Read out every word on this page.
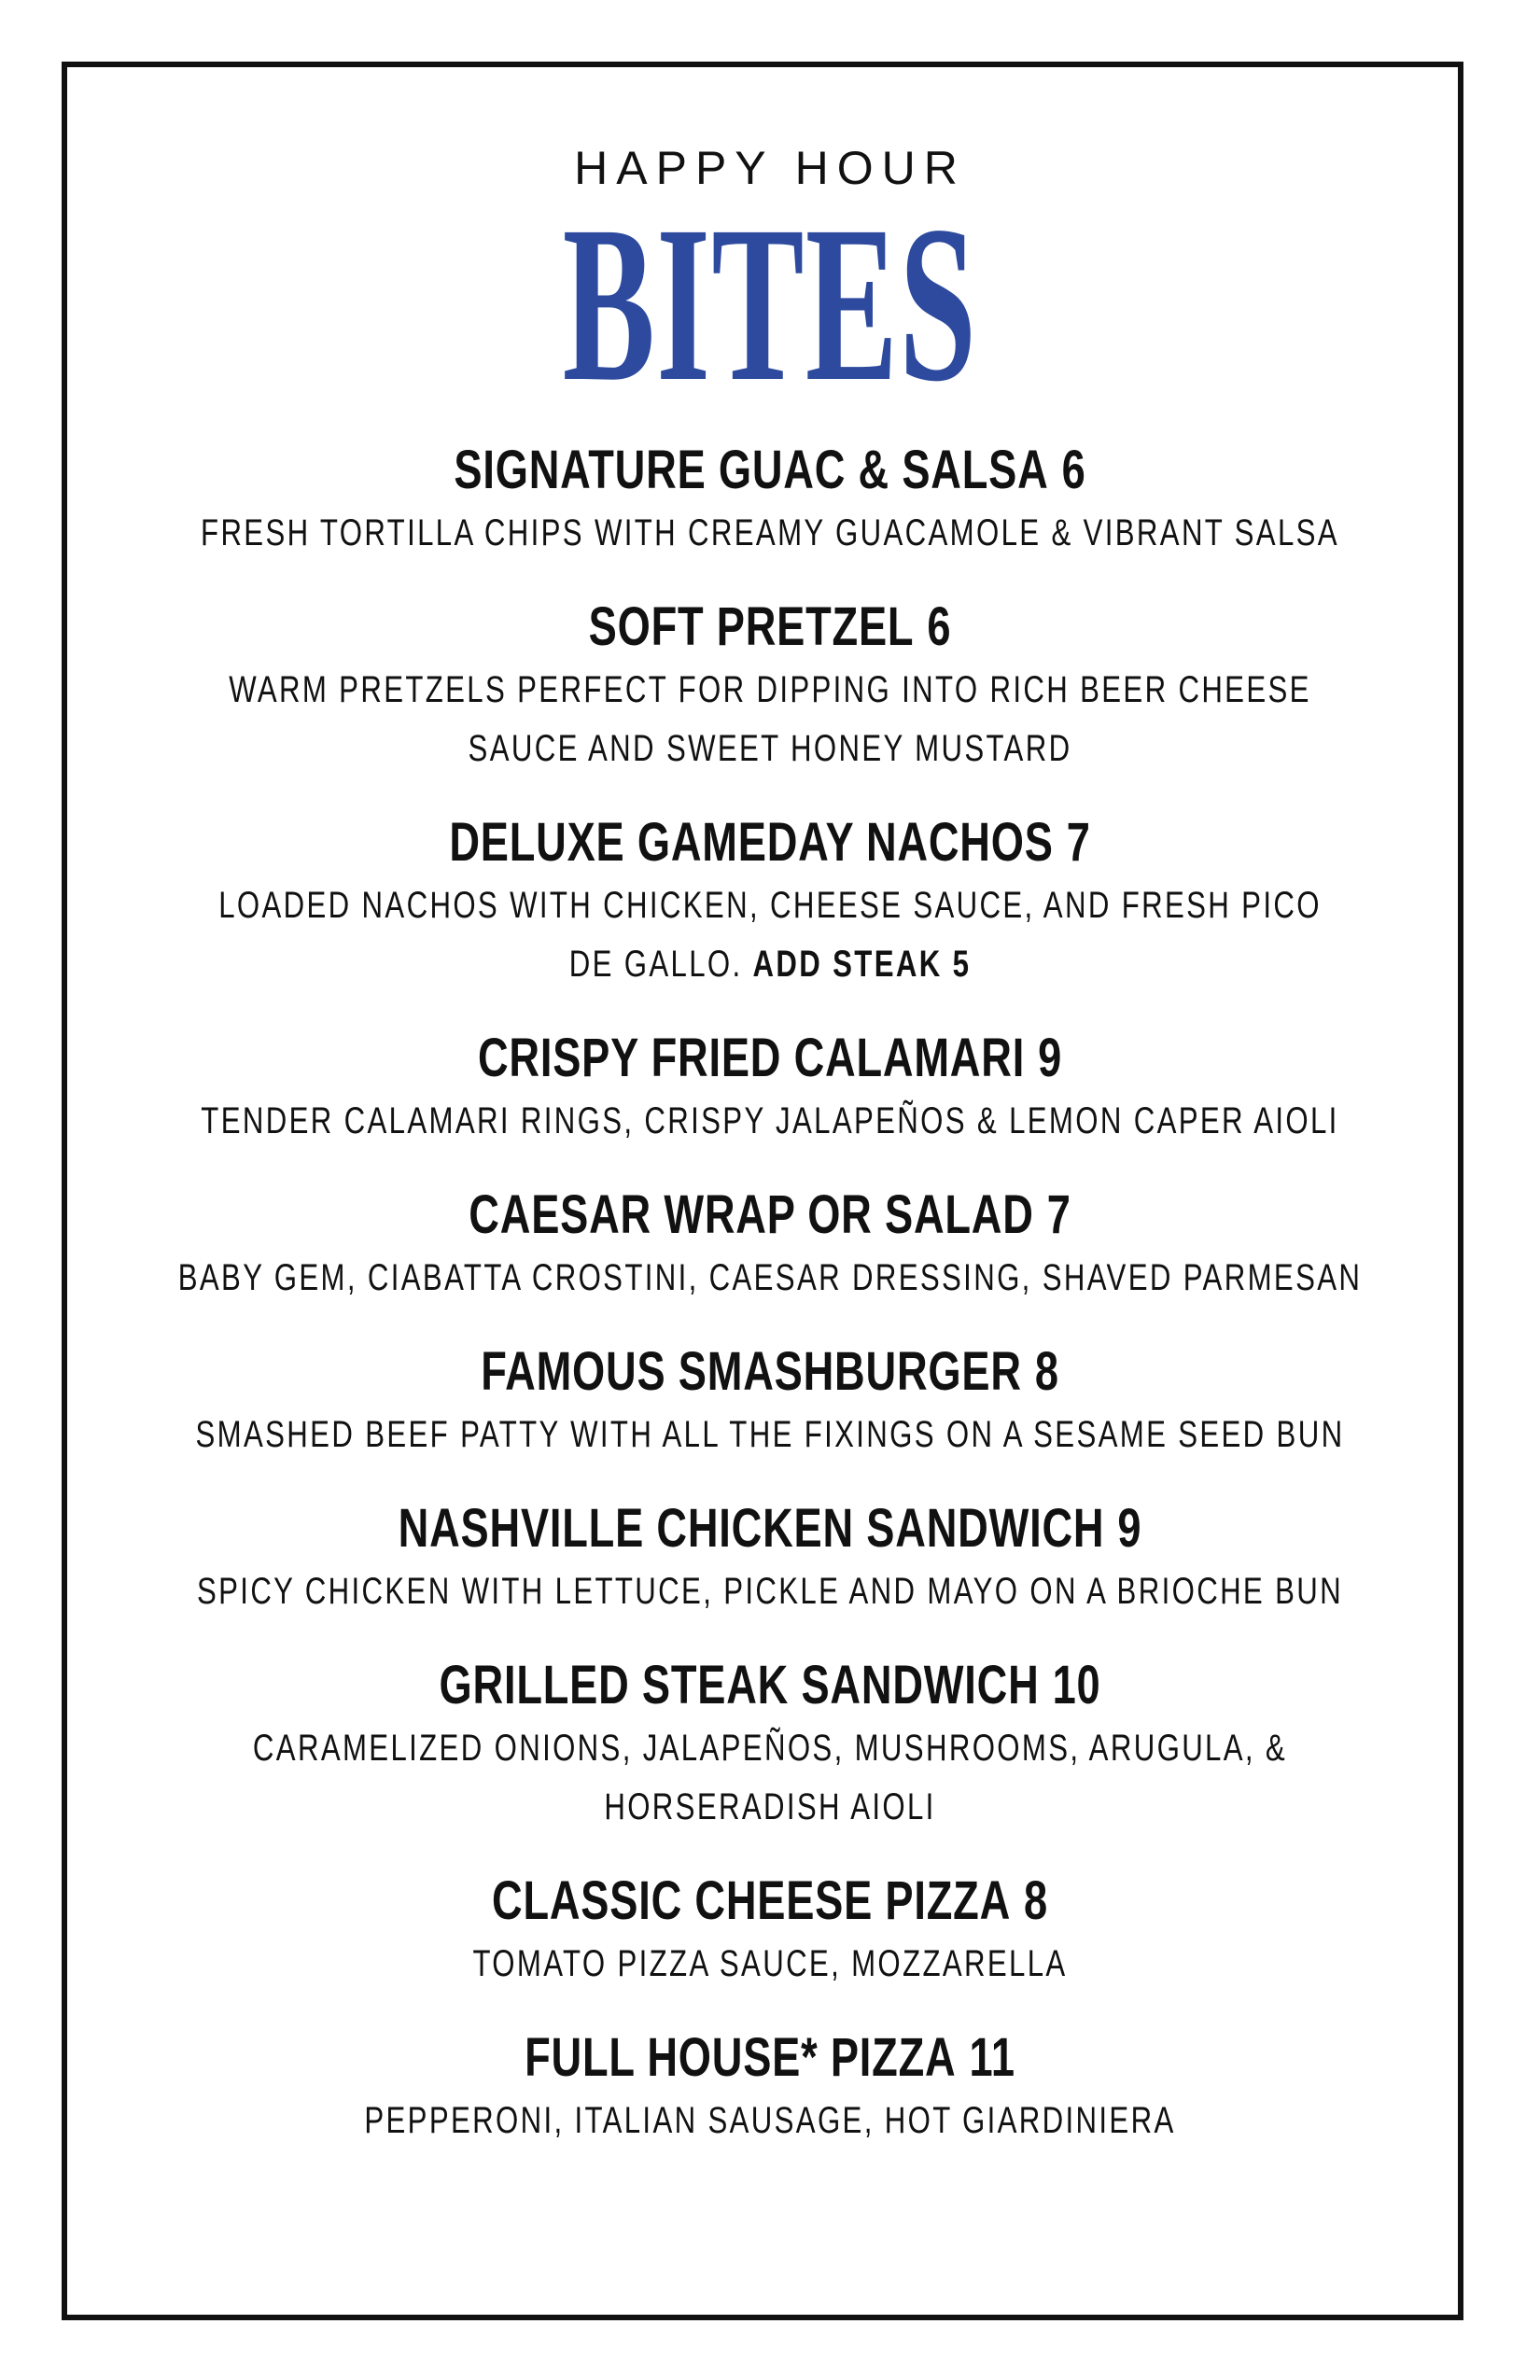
HAPPY HOUR
BITES
SIGNATURE GUAC & SALSA 6
FRESH TORTILLA CHIPS WITH CREAMY GUACAMOLE & VIBRANT SALSA
SOFT PRETZEL 6
WARM PRETZELS PERFECT FOR DIPPING INTO RICH BEER CHEESE
SAUCE AND SWEET HONEY MUSTARD
DELUXE GAMEDAY NACHOS 7
LOADED NACHOS WITH CHICKEN, CHEESE SAUCE, AND FRESH PICO
DE GALLO. ADD STEAK 5
CRISPY FRIED CALAMARI 9
TENDER CALAMARI RINGS, CRISPY JALAPEÑOS & LEMON CAPER AIOLI
CAESAR WRAP OR SALAD 7
BABY GEM, CIABATTA CROSTINI, CAESAR DRESSING, SHAVED PARMESAN
FAMOUS SMASHBURGER 8
SMASHED BEEF PATTY WITH ALL THE FIXINGS ON A SESAME SEED BUN
NASHVILLE CHICKEN SANDWICH 9
SPICY CHICKEN WITH LETTUCE, PICKLE AND MAYO ON A BRIOCHE BUN
GRILLED STEAK SANDWICH 10
CARAMELIZED ONIONS, JALAPEÑOS, MUSHROOMS, ARUGULA, &
HORSERADISH AIOLI
CLASSIC CHEESE PIZZA 8
TOMATO PIZZA SAUCE, MOZZARELLA
FULL HOUSE* PIZZA 11
PEPPERONI, ITALIAN SAUSAGE, HOT GIARDINIERA
